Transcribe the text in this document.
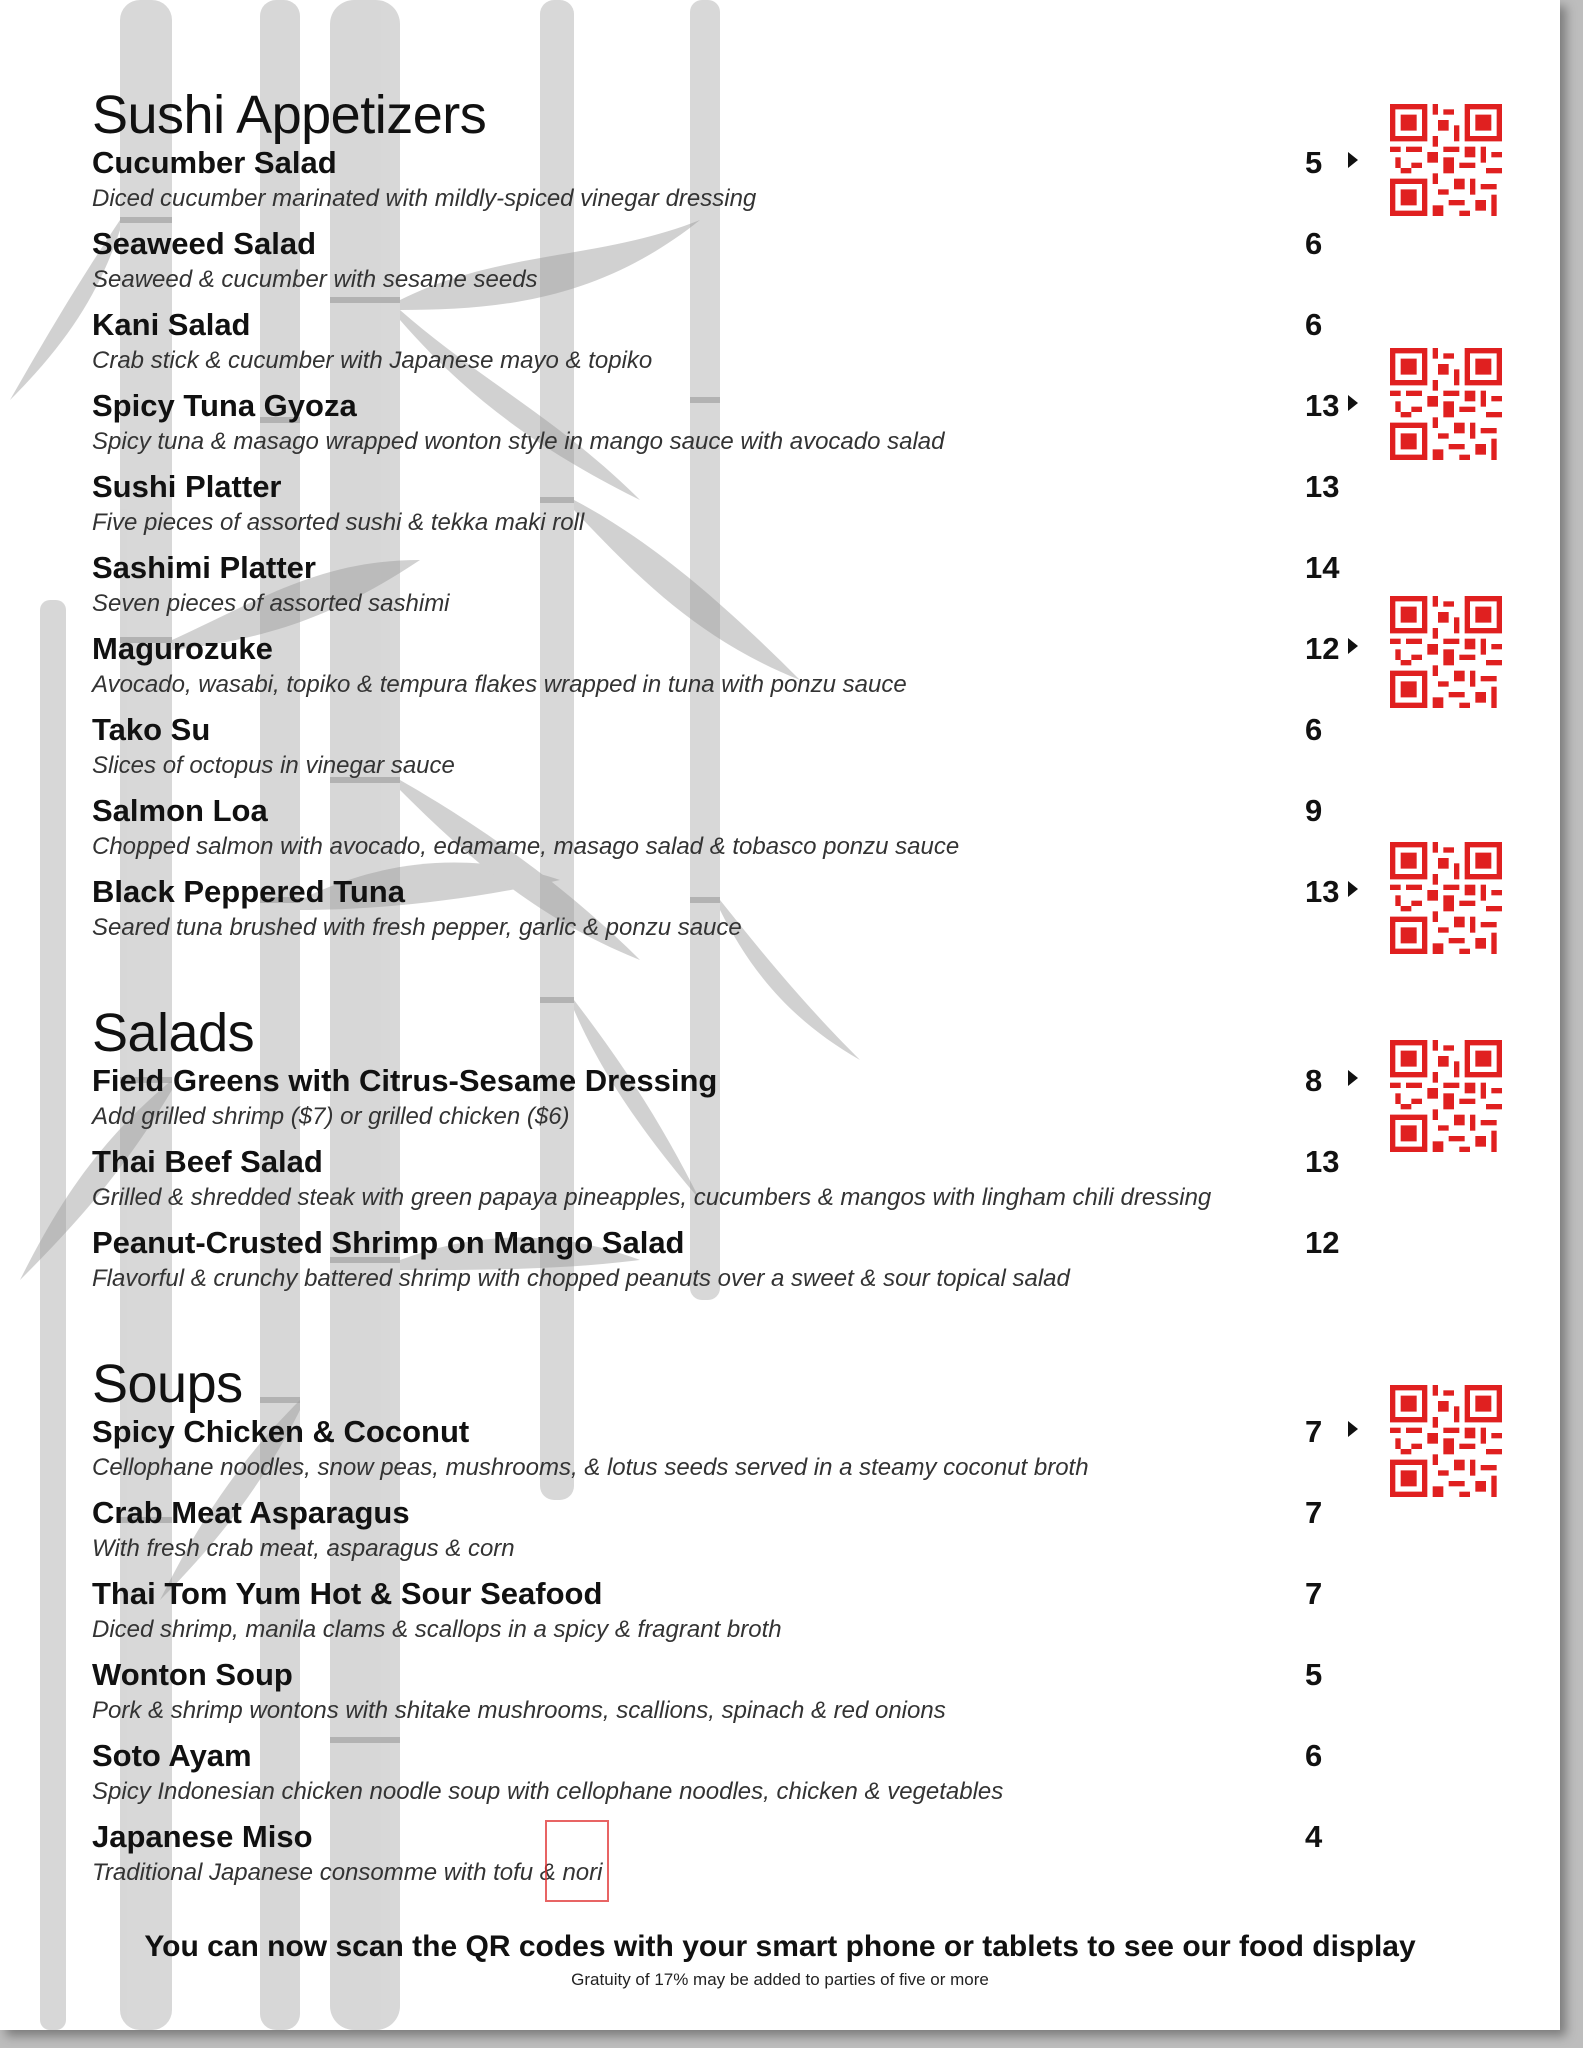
Sushi Appetizers
Cucumber Salad	5
Diced cucumber marinated with mildly-spiced vinegar dressing
Seaweed Salad	6
Seaweed & cucumber with sesame seeds
Kani Salad	6
Crab stick & cucumber with Japanese mayo & topiko
Spicy Tuna Gyoza	13
Spicy tuna & masago wrapped wonton style in mango sauce with avocado salad
Sushi Platter	13
Five pieces of assorted sushi & tekka maki roll
Sashimi Platter	14
Seven pieces of assorted sashimi
Magurozuke	12
Avocado, wasabi, topiko & tempura flakes wrapped in tuna with ponzu sauce
Tako Su	6
Slices of octopus in vinegar sauce
Salmon Loa	9
Chopped salmon with avocado, edamame, masago salad & tobasco ponzu sauce
Black Peppered Tuna	13
Seared tuna brushed with fresh pepper, garlic & ponzu sauce
Salads
Field Greens with Citrus-Sesame Dressing	8
Add grilled shrimp ($7) or grilled chicken ($6)
Thai Beef Salad	13
Grilled & shredded steak with green papaya pineapples, cucumbers & mangos with lingham chili dressing
Peanut-Crusted Shrimp on Mango Salad	12
Flavorful & crunchy battered shrimp with chopped peanuts over a sweet & sour topical salad
Soups
Spicy Chicken & Coconut	7
Cellophane noodles, snow peas, mushrooms, & lotus seeds served in a steamy coconut broth
Crab Meat Asparagus	7
With fresh crab meat, asparagus & corn
Thai Tom Yum Hot & Sour Seafood	7
Diced shrimp, manila clams & scallops in a spicy & fragrant broth
Wonton Soup	5
Pork & shrimp wontons with shitake mushrooms, scallions, spinach & red onions
Soto Ayam	6
Spicy Indonesian chicken noodle soup with cellophane noodles, chicken & vegetables
Japanese Miso	4
Traditional Japanese consomme with tofu & nori
You can now scan the QR codes with your smart phone or tablets to see our food display
Gratuity of 17% may be added to parties of five or more
